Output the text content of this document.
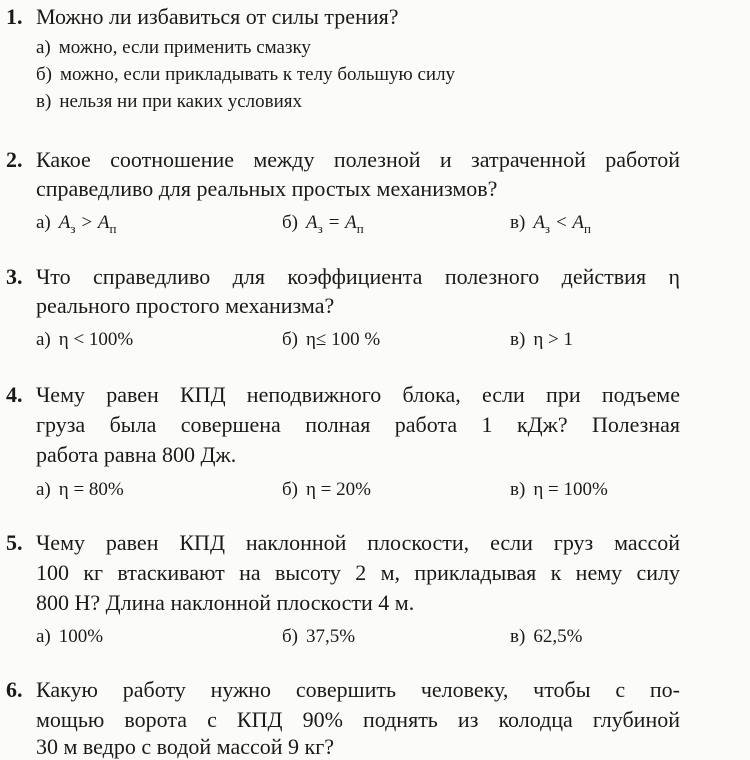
1. Можно ли избавиться от силы трения?
а) можно, если применить смазку
б) можно, если прикладывать к телу большую силу
в) нельзя ни при каких условиях
2. Какое соотношение между полезной и затраченной работой
справедливо для реальных простых механизмов?
а) $A_з > A_п$	б) $A_з = A_п$	в) $A_з < A_п$
3. Что справедливо для коэффициента полезного действия η
реального простого механизма?
а) η < 100%	б) η≤ 100 %	в) η > 1
4. Чему равен КПД неподвижного блока, если при подъеме
груза была совершена полная работа 1 кДж? Полезная
работа равна 800 Дж.
а) η = 80%	б) η = 20%	в) η = 100%
5. Чему равен КПД наклонной плоскости, если груз массой
100 кг втаскивают на высоту 2 м, прикладывая к нему силу
800 Н? Длина наклонной плоскости 4 м.
а) 100%	б) 37,5%	в) 62,5%
6. Какую работу нужно совершить человеку, чтобы с по-
мощью ворота с КПД 90% поднять из колодца глубиной
30 м ведро с водой массой 9 кг?
